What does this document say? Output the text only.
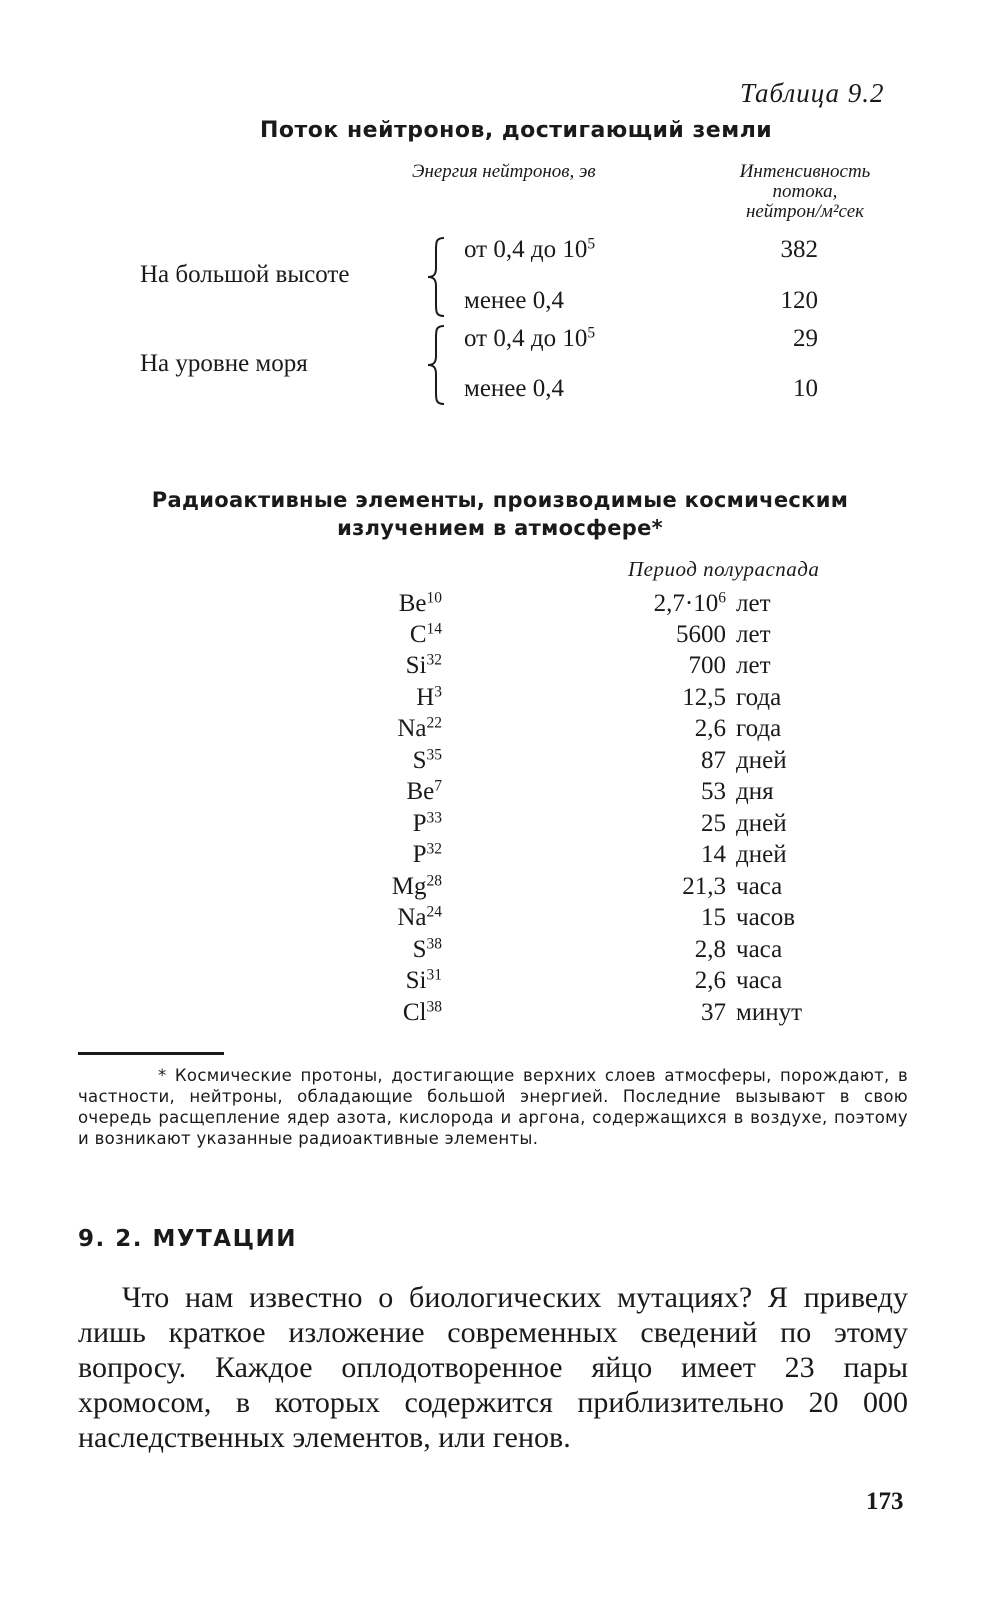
Таблица 9.2
Поток нейтронов, достигающий земли
Энергия нейтронов, эв	Интенсивность
потока,
нейтрон/м²сек
На большой высоте
от 0,4 до $10^5$	382
менее 0,4	120
На уровне моря
от 0,4 до $10^5$	29
менее 0,4	10
Радиоактивные элементы, производимые космическим излучением в атмосфере*
Период полураспада
Be$^{10}$	$2,7\cdot 10^6$ лет
$C^{14}$	5600 лет
Si$^{32}$	700 лет
$H^3$	12,5 года
Na$^{22}$	2,6 года
$S^{35}$	87 дней
Be$^7$	53 дня
$P^{33}$	25 дней
$P^{32}$	14 дней
Mg$^{28}$	21,3 часа
Na$^{24}$	15 часов
$S^{38}$	2,8 часа
Si$^{31}$	2,6 часа
Cl$^{38}$	37 минут
* Космические протоны, достигающие верхних слоев атмосферы, порождают, в частности, нейтроны, обладающие большой энергией. Последние вызывают в свою очередь расщепление ядер азота, кислорода и аргона, содержащихся в воздухе, поэтому и возникают указанные радиоактивные элементы.
9. 2. МУТАЦИИ
Что нам известно о биологических мутациях? Я приведу лишь краткое изложение современных сведений по этому вопросу. Каждое оплодотворенное яйцо имеет 23 пары хромосом, в которых содержится приблизительно 20 000 наследственных элементов, или генов.
173
